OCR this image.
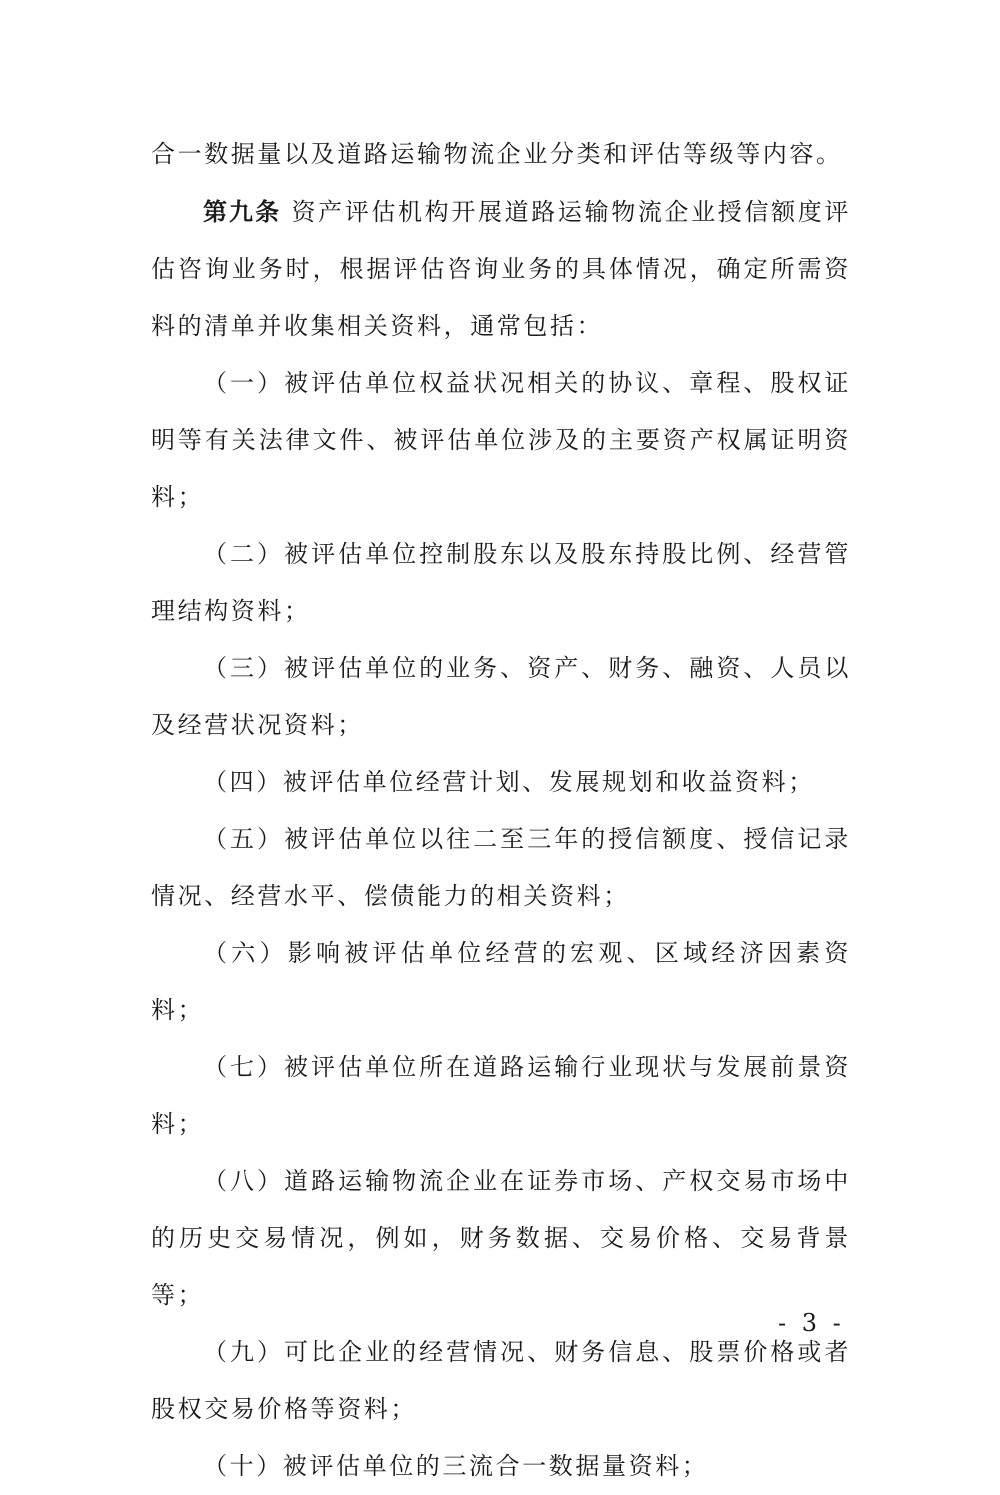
合一数据量以及道路运输物流企业分类和评估等级等内容。

第九条 资产评估机构开展道路运输物流企业授信额度评估咨询业务时，根据评估咨询业务的具体情况，确定所需资料的清单并收集相关资料，通常包括：

（一）被评估单位权益状况相关的协议、章程、股权证明等有关法律文件、被评估单位涉及的主要资产权属证明资料；

（二）被评估单位控制股东以及股东持股比例、经营管理结构资料；

（三）被评估单位的业务、资产、财务、融资、人员以及经营状况资料；

（四）被评估单位经营计划、发展规划和收益资料；

（五）被评估单位以往二至三年的授信额度、授信记录情况、经营水平、偿债能力的相关资料；

（六）影响被评估单位经营的宏观、区域经济因素资料；

（七）被评估单位所在道路运输行业现状与发展前景资料；

（八）道路运输物流企业在证券市场、产权交易市场中的历史交易情况，例如，财务数据、交易价格、交易背景等；

（九）可比企业的经营情况、财务信息、股票价格或者股权交易价格等资料；

（十）被评估单位的三流合一数据量资料；

- 3 -
